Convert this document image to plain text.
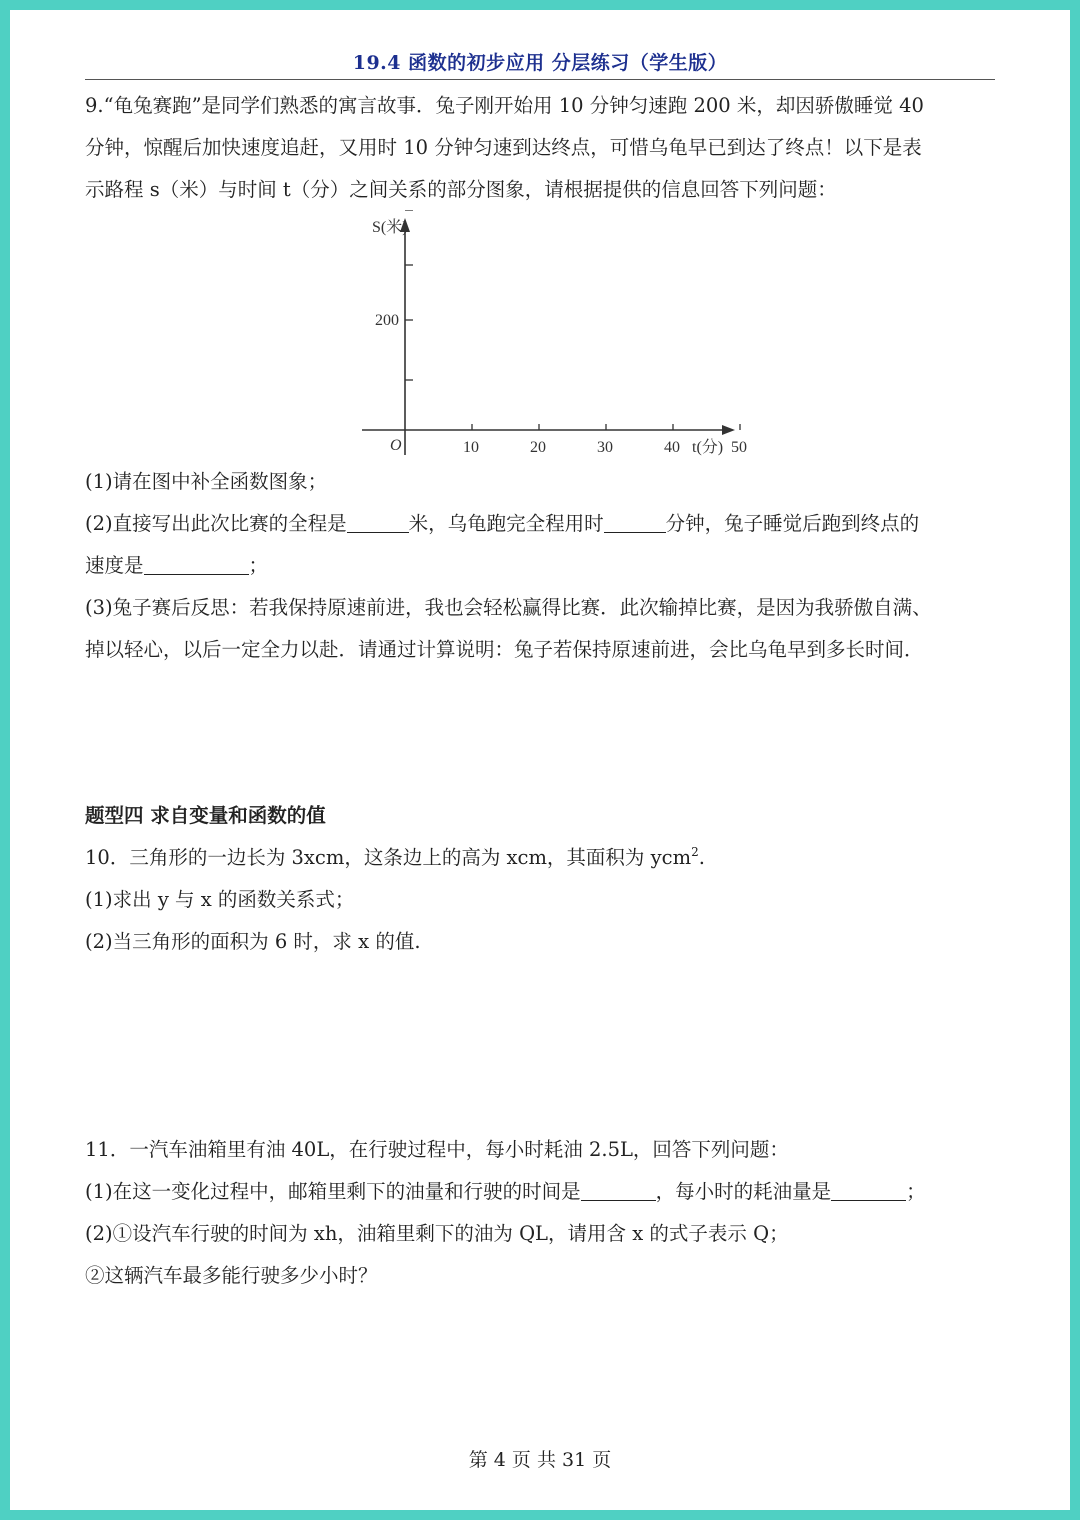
19.4 函数的初步应用 分层练习（学生版）
9.“龟兔赛跑”是同学们熟悉的寓言故事．兔子刚开始用 10 分钟匀速跑 200 米，却因骄傲睡觉 40
分钟，惊醒后加快速度追赶，又用时 10 分钟匀速到达终点，可惜乌龟早已到达了终点！以下是表
示路程 s（米）与时间 t（分）之间关系的部分图象，请根据提供的信息回答下列问题：
10	20	30	40	50
200
S(米)
t(分)
O
(1)请在图中补全函数图象；
(2)直接写出此次比赛的全程是	米，乌龟跑完全程用时	分钟，兔子睡觉后跑到终点的
速度是	；
(3)兔子赛后反思：若我保持原速前进，我也会轻松赢得比赛．此次输掉比赛，是因为我骄傲自满、
掉以轻心，以后一定全力以赴．请通过计算说明：兔子若保持原速前进，会比乌龟早到多长时间．
题型四 求自变量和函数的值
10．三角形的一边长为 3xcm，这条边上的高为 xcm，其面积为 ycm$^2$.
(1)求出 y 与 x 的函数关系式；
(2)当三角形的面积为 6 时，求 x 的值.
11．一汽车油箱里有油 40L，在行驶过程中，每小时耗油 2.5L，回答下列问题：
(1)在这一变化过程中，邮箱里剩下的油量和行驶的时间是	，每小时的耗油量是	；
(2)①设汽车行驶的时间为 xh，油箱里剩下的油为 QL，请用含 x 的式子表示 Q；
②这辆汽车最多能行驶多少小时？
第 4 页 共 31 页
